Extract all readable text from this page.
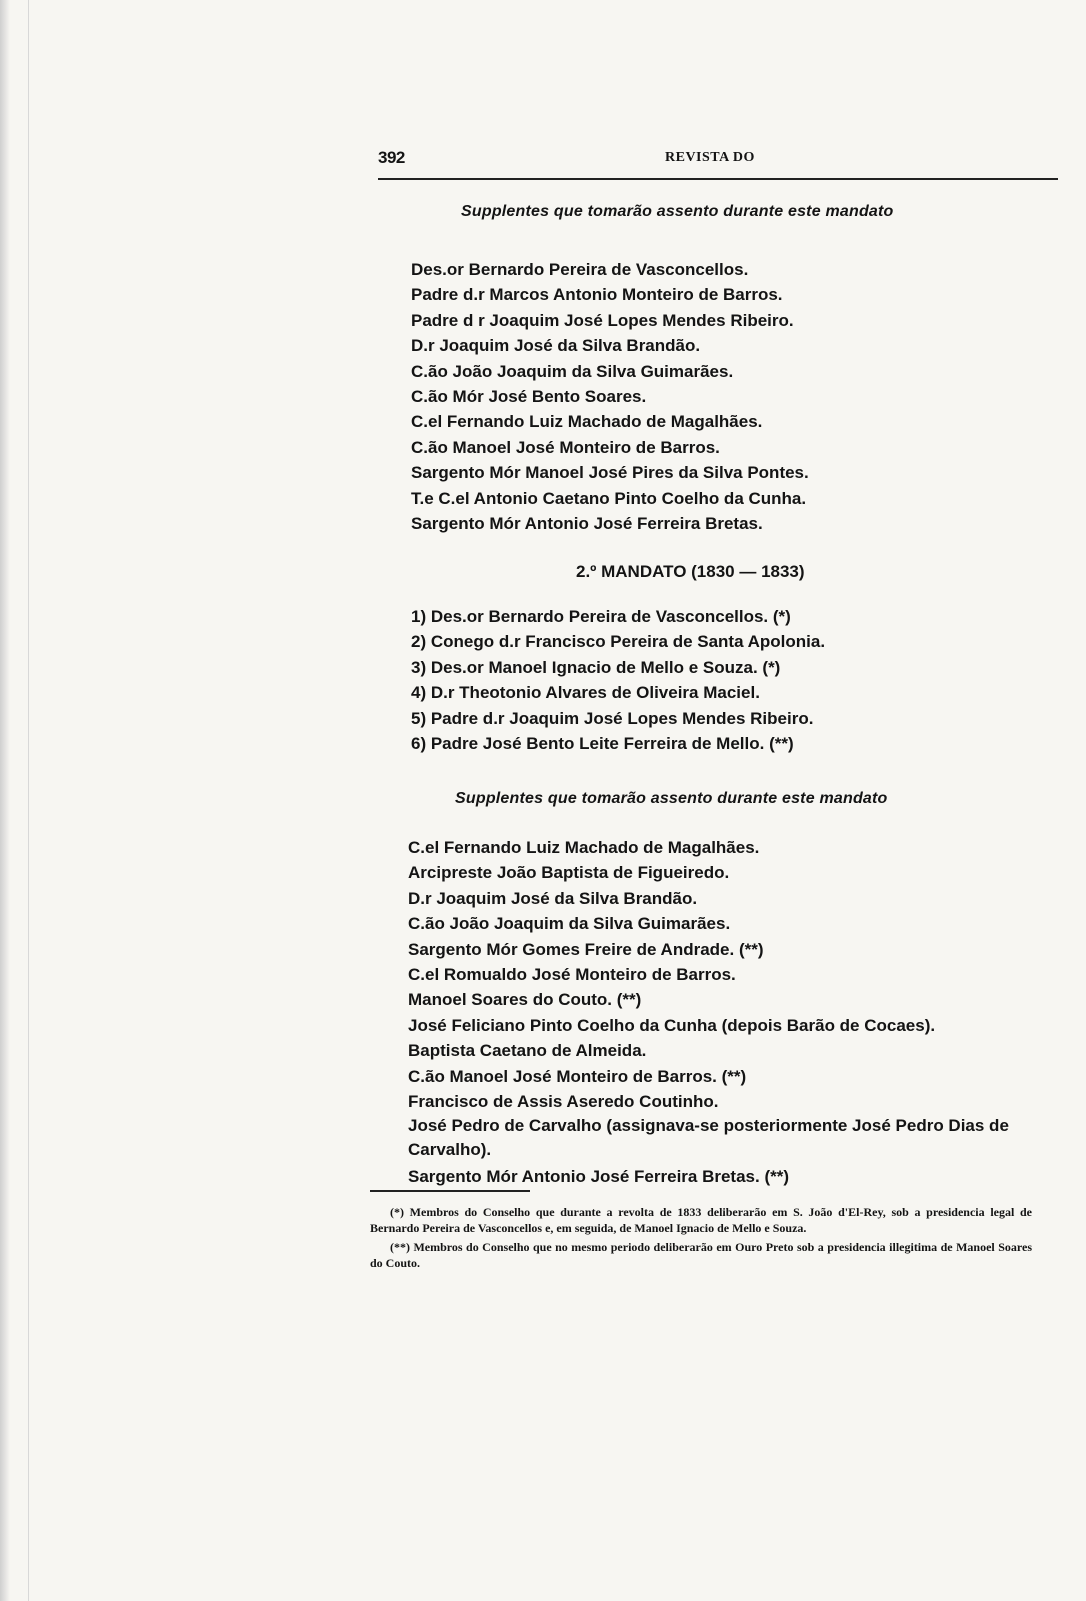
392	REVISTA DO
Supplentes que tomarão assento durante este mandato
Des.or Bernardo Pereira de Vasconcellos.
Padre d.r Marcos Antonio Monteiro de Barros.
Padre d r Joaquim José Lopes Mendes Ribeiro.
D.r Joaquim José da Silva Brandão.
C.ão João Joaquim da Silva Guimarães.
C.ão Mór José Bento Soares.
C.el Fernando Luiz Machado de Magalhães.
C.ão Manoel José Monteiro de Barros.
Sargento Mór Manoel José Pires da Silva Pontes.
T.e C.el Antonio Caetano Pinto Coelho da Cunha.
Sargento Mór Antonio José Ferreira Bretas.
2.º MANDATO (1830 — 1833)
1) Des.or Bernardo Pereira de Vasconcellos. (*)
2) Conego d.r Francisco Pereira de Santa Apolonia.
3) Des.or Manoel Ignacio de Mello e Souza. (*)
4) D.r Theotonio Alvares de Oliveira Maciel.
5) Padre d.r Joaquim José Lopes Mendes Ribeiro.
6) Padre José Bento Leite Ferreira de Mello. (**)
Supplentes que tomarão assento durante este mandato
C.el Fernando Luiz Machado de Magalhães.
Arcipreste João Baptista de Figueiredo.
D.r Joaquim José da Silva Brandão.
C.ão João Joaquim da Silva Guimarães.
Sargento Mór Gomes Freire de Andrade. (**)
C.el Romualdo José Monteiro de Barros.
Manoel Soares do Couto. (**)
José Feliciano Pinto Coelho da Cunha (depois Barão de Cocaes).
Baptista Caetano de Almeida.
C.ão Manoel José Monteiro de Barros. (**)
Francisco de Assis Aseredo Coutinho.
José Pedro de Carvalho (assignava-se posteriormente José Pedro Dias de Carvalho).
Sargento Mór Antonio José Ferreira Bretas. (**)

(*) Membros do Conselho que durante a revolta de 1833 deliberarão em S. João d'El-Rey, sob a presidencia legal de Bernardo Pereira de Vasconcellos e, em seguida, de Manoel Ignacio de Mello e Souza.

(**) Membros do Conselho que no mesmo periodo deliberarão em Ouro Preto sob a presidencia illegitima de Manoel Soares do Couto.
